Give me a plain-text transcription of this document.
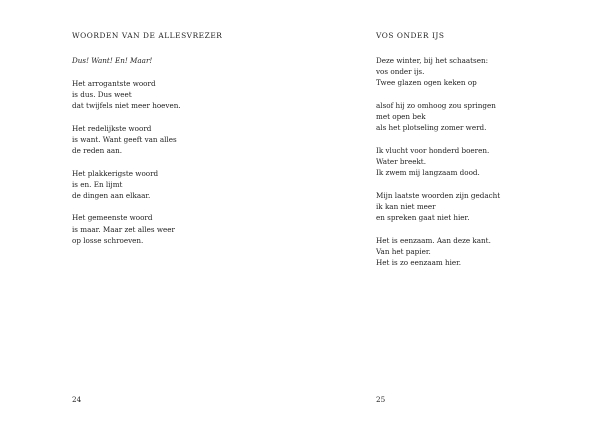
WOORDEN VAN DE ALLESVREZER
Dus! Want! En! Maar!
Het arrogantste woord
is dus. Dus weet
dat twijfels niet meer hoeven.
Het redelijkste woord
is want. Want geeft van alles
de reden aan.
Het plakkerigste woord
is en. En lijmt
de dingen aan elkaar.
Het gemeenste woord
is maar. Maar zet alles weer
op losse schroeven.
24
VOS ONDER IJS
Deze winter, bij het schaatsen:
vos onder ijs.
Twee glazen ogen keken op
alsof hij zo omhoog zou springen
met open bek
als het plotseling zomer werd.
Ik vlucht voor honderd boeren.
Water breekt.
Ik zwem mij langzaam dood.
Mijn laatste woorden zijn gedacht
ik kan niet meer
en spreken gaat niet hier.
Het is eenzaam. Aan deze kant.
Van het papier.
Het is zo eenzaam hier.
25
